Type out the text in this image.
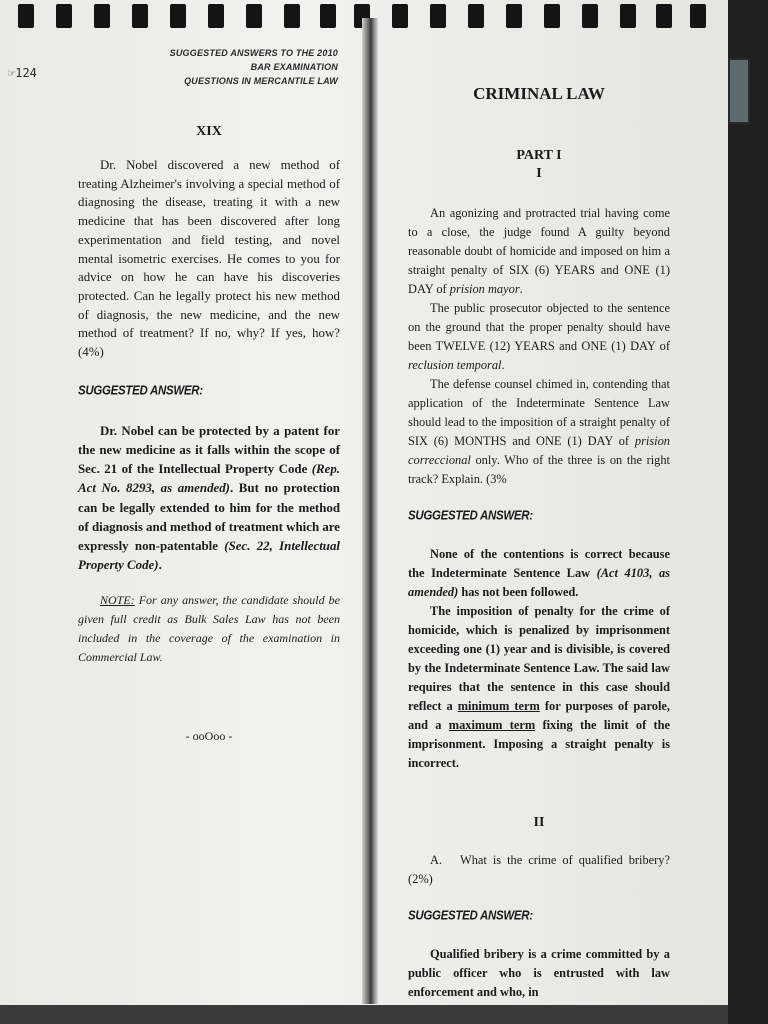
☞124
SUGGESTED ANSWERS TO THE 2010 BAR EXAMINATION
QUESTIONS IN MERCANTILE LAW
XIX

Dr. Nobel discovered a new method of treating Alzheimer's involving a special method of diagnosing the disease, treating it with a new medicine that has been discovered after long experimentation and field testing, and novel mental isometric exercises. He comes to you for advice on how he can have his discoveries protected. Can he legally protect his new method of diagnosis, the new medicine, and the new method of treatment? If no, why? If yes, how? (4%)

SUGGESTED ANSWER:

Dr. Nobel can be protected by a patent for the new medicine as it falls within the scope of Sec. 21 of the Intellectual Property Code (Rep. Act No. 8293, as amended). But no protection can be legally extended to him for the method of diagnosis and method of treatment which are expressly non-patentable (Sec. 22, Intellectual Property Code).

NOTE: For any answer, the candidate should be given full credit as Bulk Sales Law has not been included in the coverage of the examination in Commercial Law.

- ooOoo -
CRIMINAL LAW
PART I
I

An agonizing and protracted trial having come to a close, the judge found A guilty beyond reasonable doubt of homicide and imposed on him a straight penalty of SIX (6) YEARS and ONE (1) DAY of prision mayor.

The public prosecutor objected to the sentence on the ground that the proper penalty should have been TWELVE (12) YEARS and ONE (1) DAY of reclusion temporal.

The defense counsel chimed in, contending that application of the Indeterminate Sentence Law should lead to the imposition of a straight penalty of SIX (6) MONTHS and ONE (1) DAY of prision correccional only. Who of the three is on the right track? Explain. (3%

SUGGESTED ANSWER:

None of the contentions is correct because the Indeterminate Sentence Law (Act 4103, as amended) has not been followed.

The imposition of penalty for the crime of homicide, which is penalized by imprisonment exceeding one (1) year and is divisible, is covered by the Indeterminate Sentence Law. The said law requires that the sentence in this case should reflect a minimum term for purposes of parole, and a maximum term fixing the limit of the imprisonment. Imposing a straight penalty is incorrect.

II

A. What is the crime of qualified bribery? (2%)

SUGGESTED ANSWER:

Qualified bribery is a crime committed by a public officer who is entrusted with law enforcement and who, in
